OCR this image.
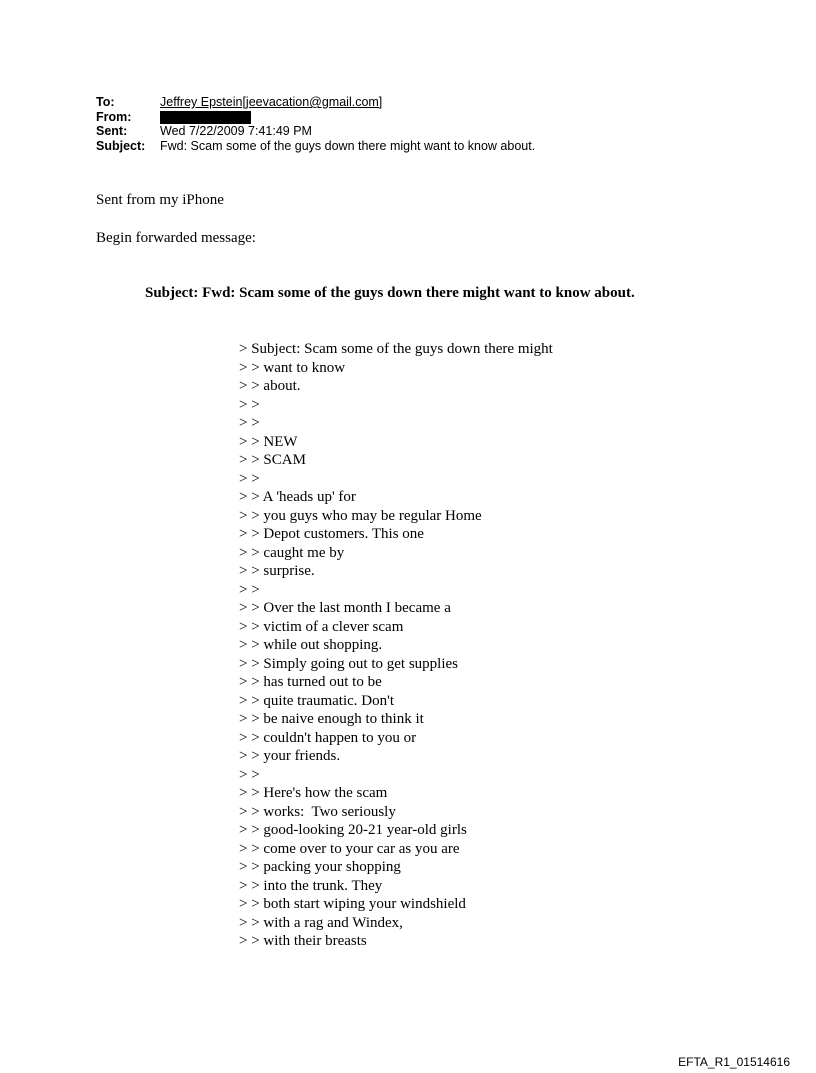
To:	Jeffrey Epstein[jeevacation@gmail.com]
From:
Sent:	Wed 7/22/2009 7:41:49 PM
Subject:	Fwd: Scam some of the guys down there might want to know about.
Sent from my iPhone
Begin forwarded message:
Subject: Fwd: Scam some of the guys down there might want to know about.
> Subject: Scam some of the guys down there might
> > want to know
> > about.
> >
> >
> > NEW
> > SCAM
> >
> > A 'heads up' for
> > you guys who may be regular Home
> > Depot customers. This one
> > caught me by
> > surprise.
> >
> > Over the last month I became a
> > victim of a clever scam
> > while out shopping.
> > Simply going out to get supplies
> > has turned out to be
> > quite traumatic. Don't
> > be naive enough to think it
> > couldn't happen to you or
> > your friends.
> >
> > Here's how the scam
> > works:  Two seriously
> > good-looking 20-21 year-old girls
> > come over to your car as you are
> > packing your shopping
> > into the trunk. They
> > both start wiping your windshield
> > with a rag and Windex,
> > with their breasts
EFTA_R1_01514616
